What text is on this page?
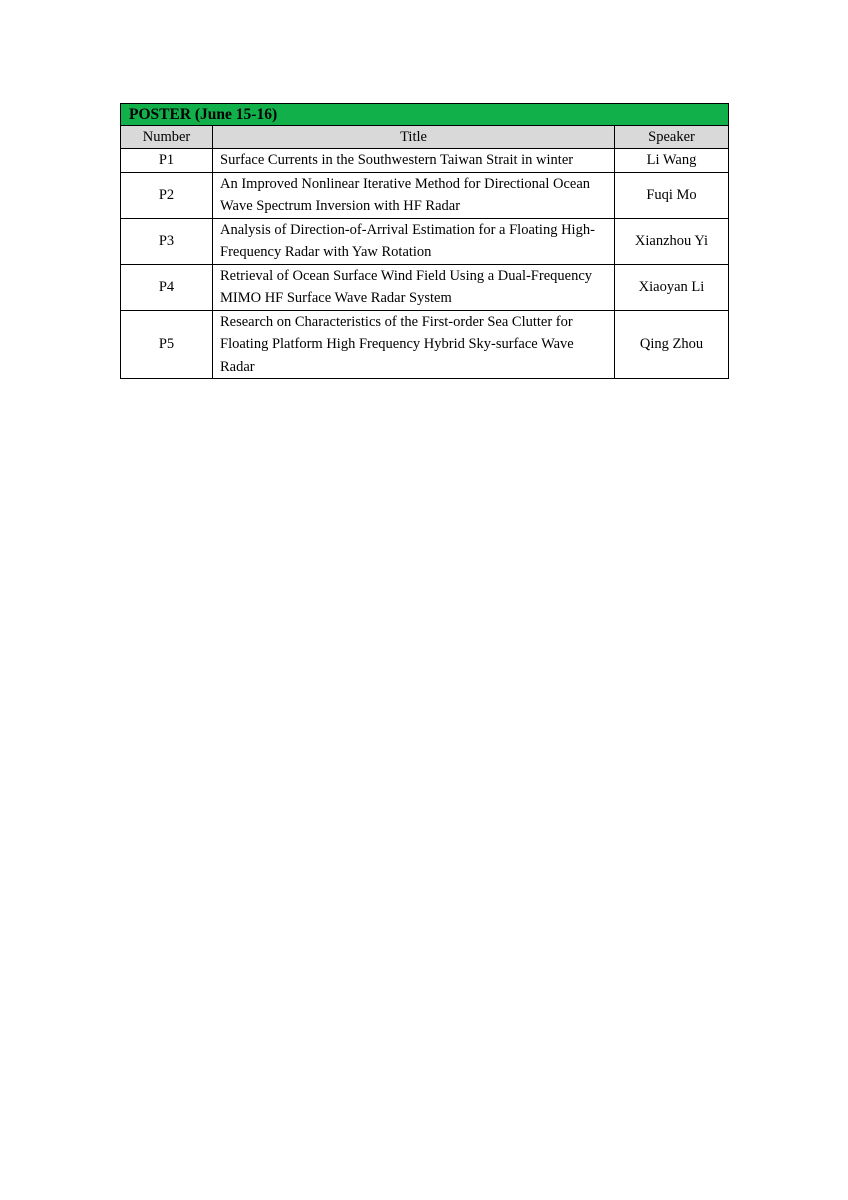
POSTER (June 15-16)		
Number	Title	Speaker
P1	Surface Currents in the Southwestern Taiwan Strait in winter	Li Wang
P2	An Improved Nonlinear Iterative Method for Directional Ocean Wave Spectrum Inversion with HF Radar	Fuqi Mo
P3	Analysis of Direction-of-Arrival Estimation for a Floating High-Frequency Radar with Yaw Rotation	Xianzhou Yi
P4	Retrieval of Ocean Surface Wind Field Using a Dual-Frequency MIMO HF Surface Wave Radar System	Xiaoyan Li
P5	Research on Characteristics of the First-order Sea Clutter for Floating Platform High Frequency Hybrid Sky-surface Wave Radar	Qing Zhou
